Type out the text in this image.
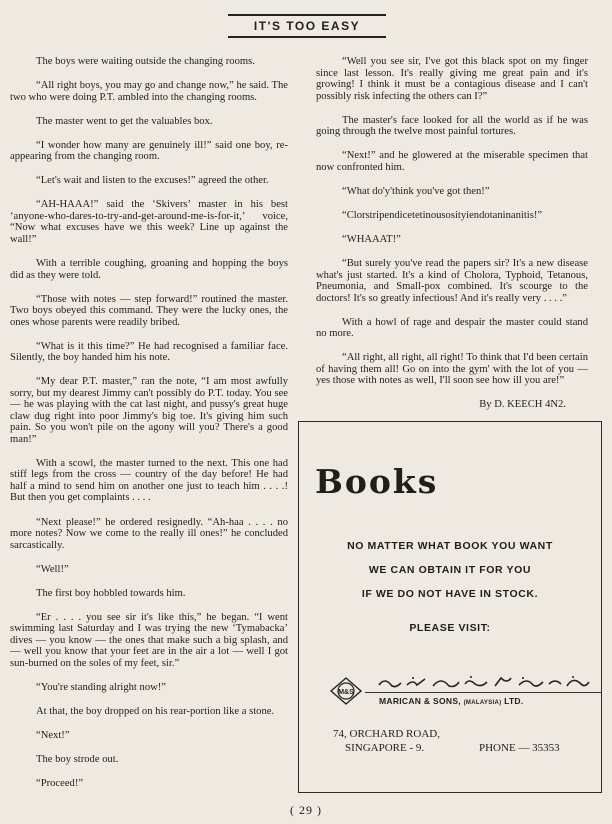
IT'S TOO EASY

The boys were waiting outside the changing rooms.

“All right boys, you may go and change now,” he said. The two who were doing P.T. ambled into the changing rooms.

The master went to get the valuables box.

“I wonder how many are genuinely ill!” said one boy, re-appearing from the changing room.

“Let's wait and listen to the excuses!” agreed the other.

“AH-HAAA!” said the ‘Skivers’ master in his best ‘anyone-who-dares-to-try-and-get-around-me-is-for-it,’ voice, “Now what excuses have we this week? Line up against the wall!”

With a terrible coughing, groaning and hopping the boys did as they were told.

“Those with notes — step forward!” routined the master. Two boys obeyed this command. They were the lucky ones, the ones whose parents were readily bribed.

“What is it this time?” He had recognised a familiar face. Silently, the boy handed him his note.

“My dear P.T. master,” ran the note, “I am most awfully sorry, but my dearest Jimmy can't possibly do P.T. today. You see — he was playing with the cat last night, and pussy's great huge claw dug right into poor Jimmy's big toe. It's giving him such pain. So you won't pile on the agony will you? There's a good man!”

With a scowl, the master turned to the next. This one had stiff legs from the cross — country of the day before! He had half a mind to send him on another one just to teach him . . . .! But then you get complaints . . . .

“Next please!” he ordered resignedly. “Ah-haa . . . . no more notes? Now we come to the really ill ones!” he concluded sarcastically.

“Well!”

The first boy hobbled towards him.

“Er . . . . you see sir it's like this,” he began. “I went swimming last Saturday and I was trying the new ‘Tymabacka’ dives — you know — the ones that make such a big splash, and — well you know that your feet are in the air a lot — well I got sun-burned on the soles of my feet, sir.”

“You're standing alright now!”

At that, the boy dropped on his rear-portion like a stone.

“Next!”

The boy strode out.

“Proceed!”

“Well you see sir, I've got this black spot on my finger since last lesson. It's really giving me great pain and it's growing! I think it must be a contagious disease and I can't possibly risk infecting the others can I?”

The master's face looked for all the world as if he was going through the twelve most painful tortures.

“Next!” and he glowered at the miserable specimen that now confronted him.

“What do'y'think you've got then!”

“Clorstripendicetetinousosityiendotaninanitis!”

“WHAAAT!”

“But surely you've read the papers sir? It's a new disease what's just started. It's a kind of Cholora, Typhoid, Tetanous, Pneumonia, and Small-pox combined. It's scourge to the doctors! It's so greatly infectious! And it's really very . . . .”

With a howl of rage and despair the master could stand no more.

“All right, all right, all right! To think that I'd been certain of having them all! Go on into the gym' with the lot of you — yes those with notes as well, I'll soon see how ill you are!”

By D. KEECH 4N2.

Books
NO MATTER WHAT BOOK YOU WANT
WE CAN OBTAIN IT FOR YOU
IF WE DO NOT HAVE IN STOCK.
PLEASE VISIT:
M&S
MARICAN & SONS, (MALAYSIA) LTD.
74, ORCHARD ROAD,
SINGAPORE - 9.	PHONE — 35353
( 29 )
